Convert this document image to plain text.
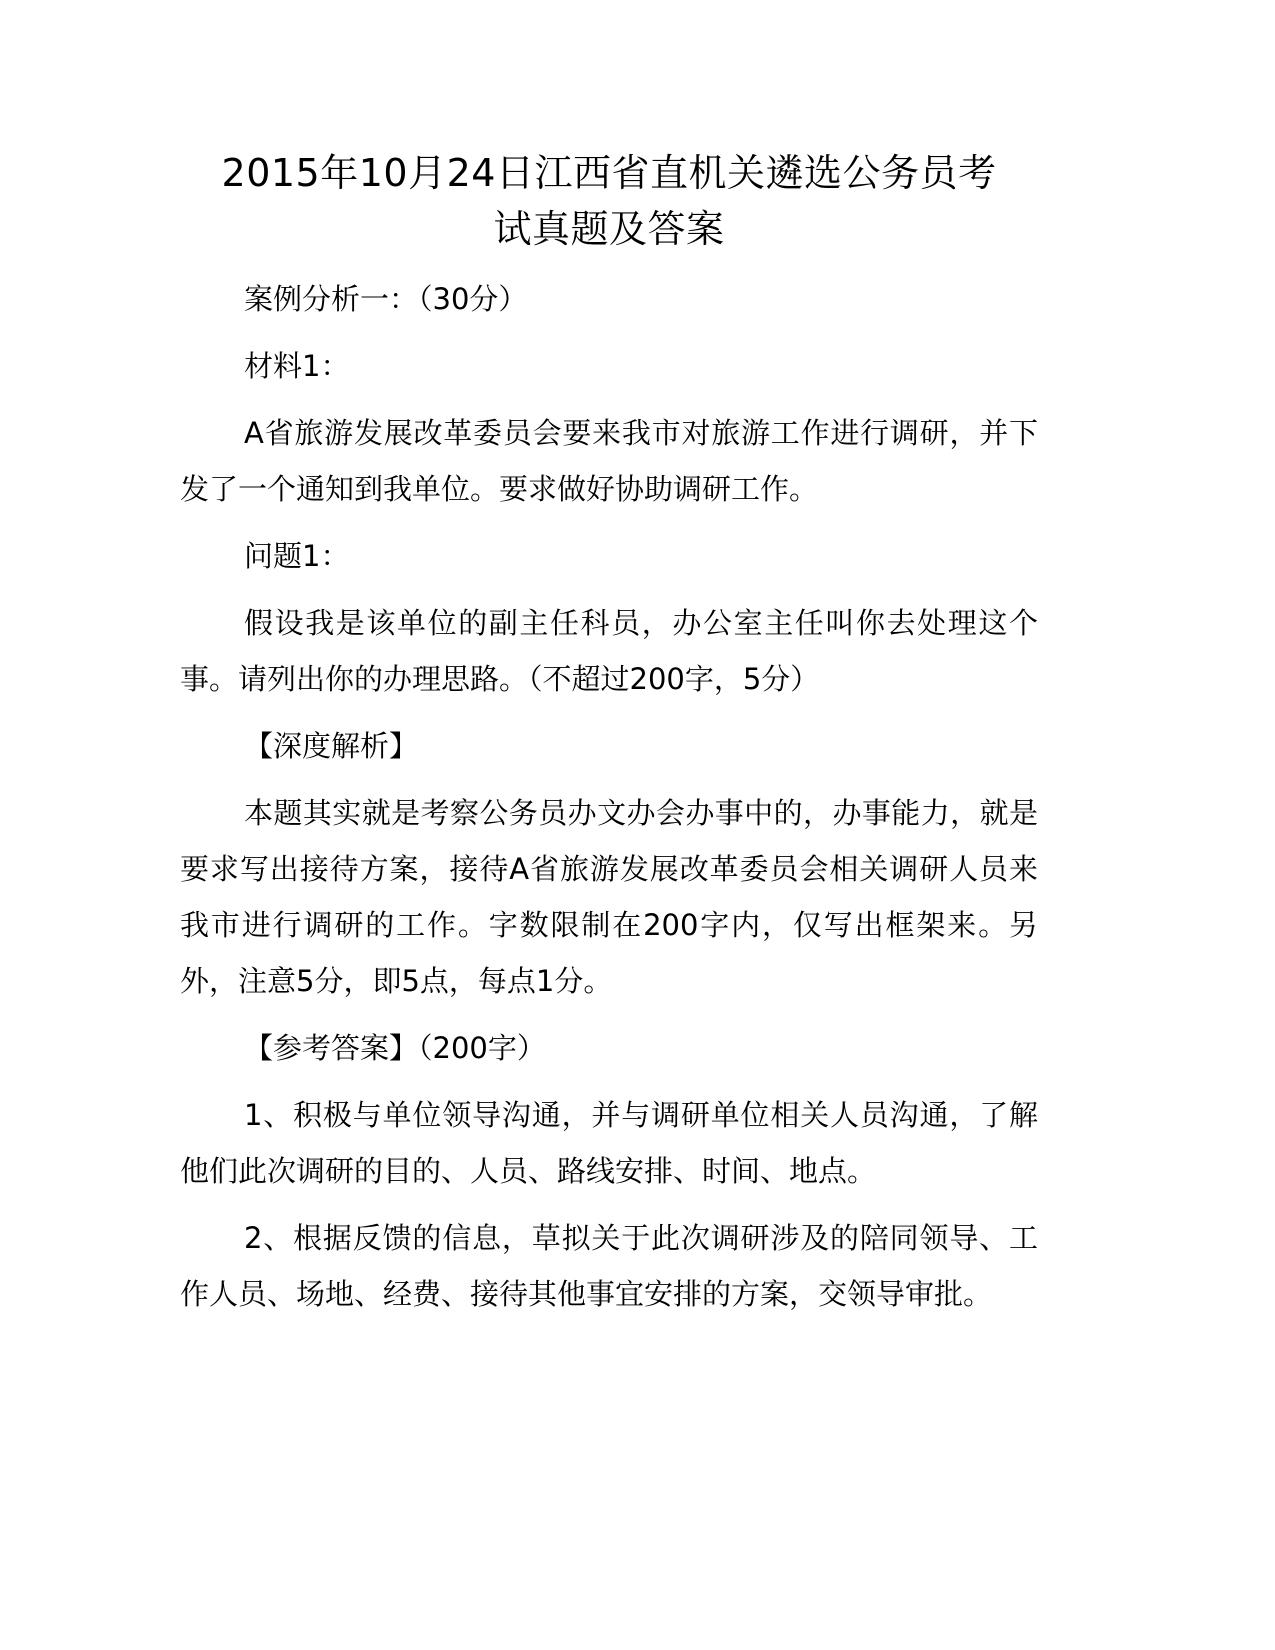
2015年10月24日江西省直机关遴选公务员考
试真题及答案

案例分析一：（30分）

材料1：

A省旅游发展改革委员会要来我市对旅游工作进行调研，并下发了一个通知到我单位。要求做好协助调研工作。

问题1：

假设我是该单位的副主任科员，办公室主任叫你去处理这个事。请列出你的办理思路。（不超过200字，5分）

【深度解析】

本题其实就是考察公务员办文办会办事中的，办事能力，就是要求写出接待方案，接待A省旅游发展改革委员会相关调研人员来我市进行调研的工作。字数限制在200字内，仅写出框架来。另外，注意5分，即5点，每点1分。

【参考答案】（200字）

1、积极与单位领导沟通，并与调研单位相关人员沟通，了解他们此次调研的目的、人员、路线安排、时间、地点。

2、根据反馈的信息，草拟关于此次调研涉及的陪同领导、工作人员、场地、经费、接待其他事宜安排的方案，交领导审批。
